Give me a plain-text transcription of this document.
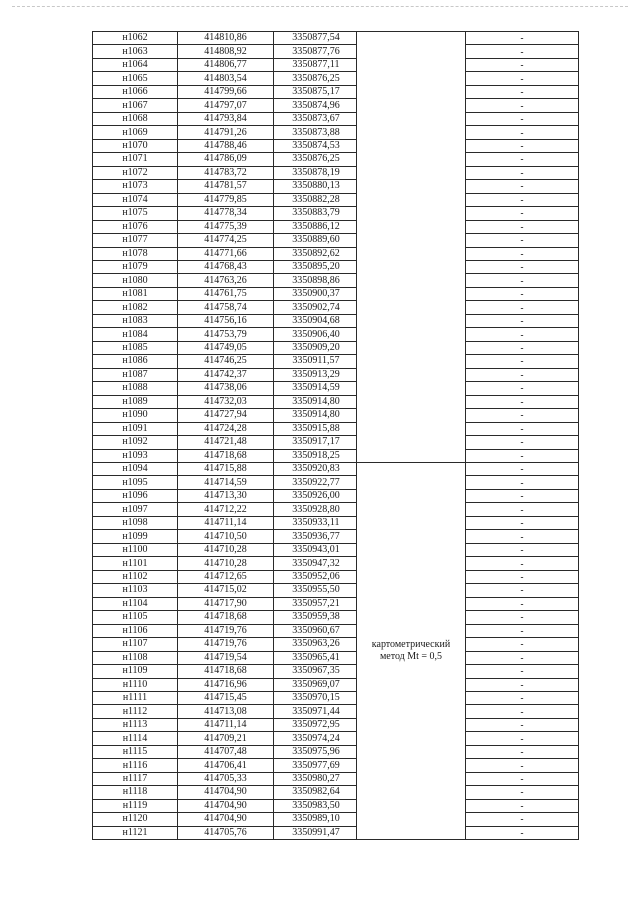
н1062	414810,86	3350877,54		-
н1063	414808,92	3350877,76		-
н1064	414806,77	3350877,11		-
н1065	414803,54	3350876,25		-
н1066	414799,66	3350875,17		-
н1067	414797,07	3350874,96		-
н1068	414793,84	3350873,67		-
н1069	414791,26	3350873,88		-
н1070	414788,46	3350874,53		-
н1071	414786,09	3350876,25		-
н1072	414783,72	3350878,19		-
н1073	414781,57	3350880,13		-
н1074	414779,85	3350882,28		-
н1075	414778,34	3350883,79		-
н1076	414775,39	3350886,12		-
н1077	414774,25	3350889,60		-
н1078	414771,66	3350892,62		-
н1079	414768,43	3350895,20		-
н1080	414763,26	3350898,86		-
н1081	414761,75	3350900,37		-
н1082	414758,74	3350902,74		-
н1083	414756,16	3350904,68		-
н1084	414753,79	3350906,40		-
н1085	414749,05	3350909,20		-
н1086	414746,25	3350911,57		-
н1087	414742,37	3350913,29		-
н1088	414738,06	3350914,59		-
н1089	414732,03	3350914,80		-
н1090	414727,94	3350914,80		-
н1091	414724,28	3350915,88		-
н1092	414721,48	3350917,17		-
н1093	414718,68	3350918,25		-
н1094	414715,88	3350920,83	картометрический метод Mt = 0,5	-
н1095	414714,59	3350922,77		-
н1096	414713,30	3350926,00		-
н1097	414712,22	3350928,80		-
н1098	414711,14	3350933,11		-
н1099	414710,50	3350936,77		-
н1100	414710,28	3350943,01		-
н1101	414710,28	3350947,32		-
н1102	414712,65	3350952,06		-
н1103	414715,02	3350955,50		-
н1104	414717,90	3350957,21		-
н1105	414718,68	3350959,38		-
н1106	414719,76	3350960,67		-
н1107	414719,76	3350963,26		-
н1108	414719,54	3350965,41		-
н1109	414718,68	3350967,35		-
н1110	414716,96	3350969,07		-
н1111	414715,45	3350970,15		-
н1112	414713,08	3350971,44		-
н1113	414711,14	3350972,95		-
н1114	414709,21	3350974,24		-
н1115	414707,48	3350975,96		-
н1116	414706,41	3350977,69		-
н1117	414705,33	3350980,27		-
н1118	414704,90	3350982,64		-
н1119	414704,90	3350983,50		-
н1120	414704,90	3350989,10		-
н1121	414705,76	3350991,47		-
